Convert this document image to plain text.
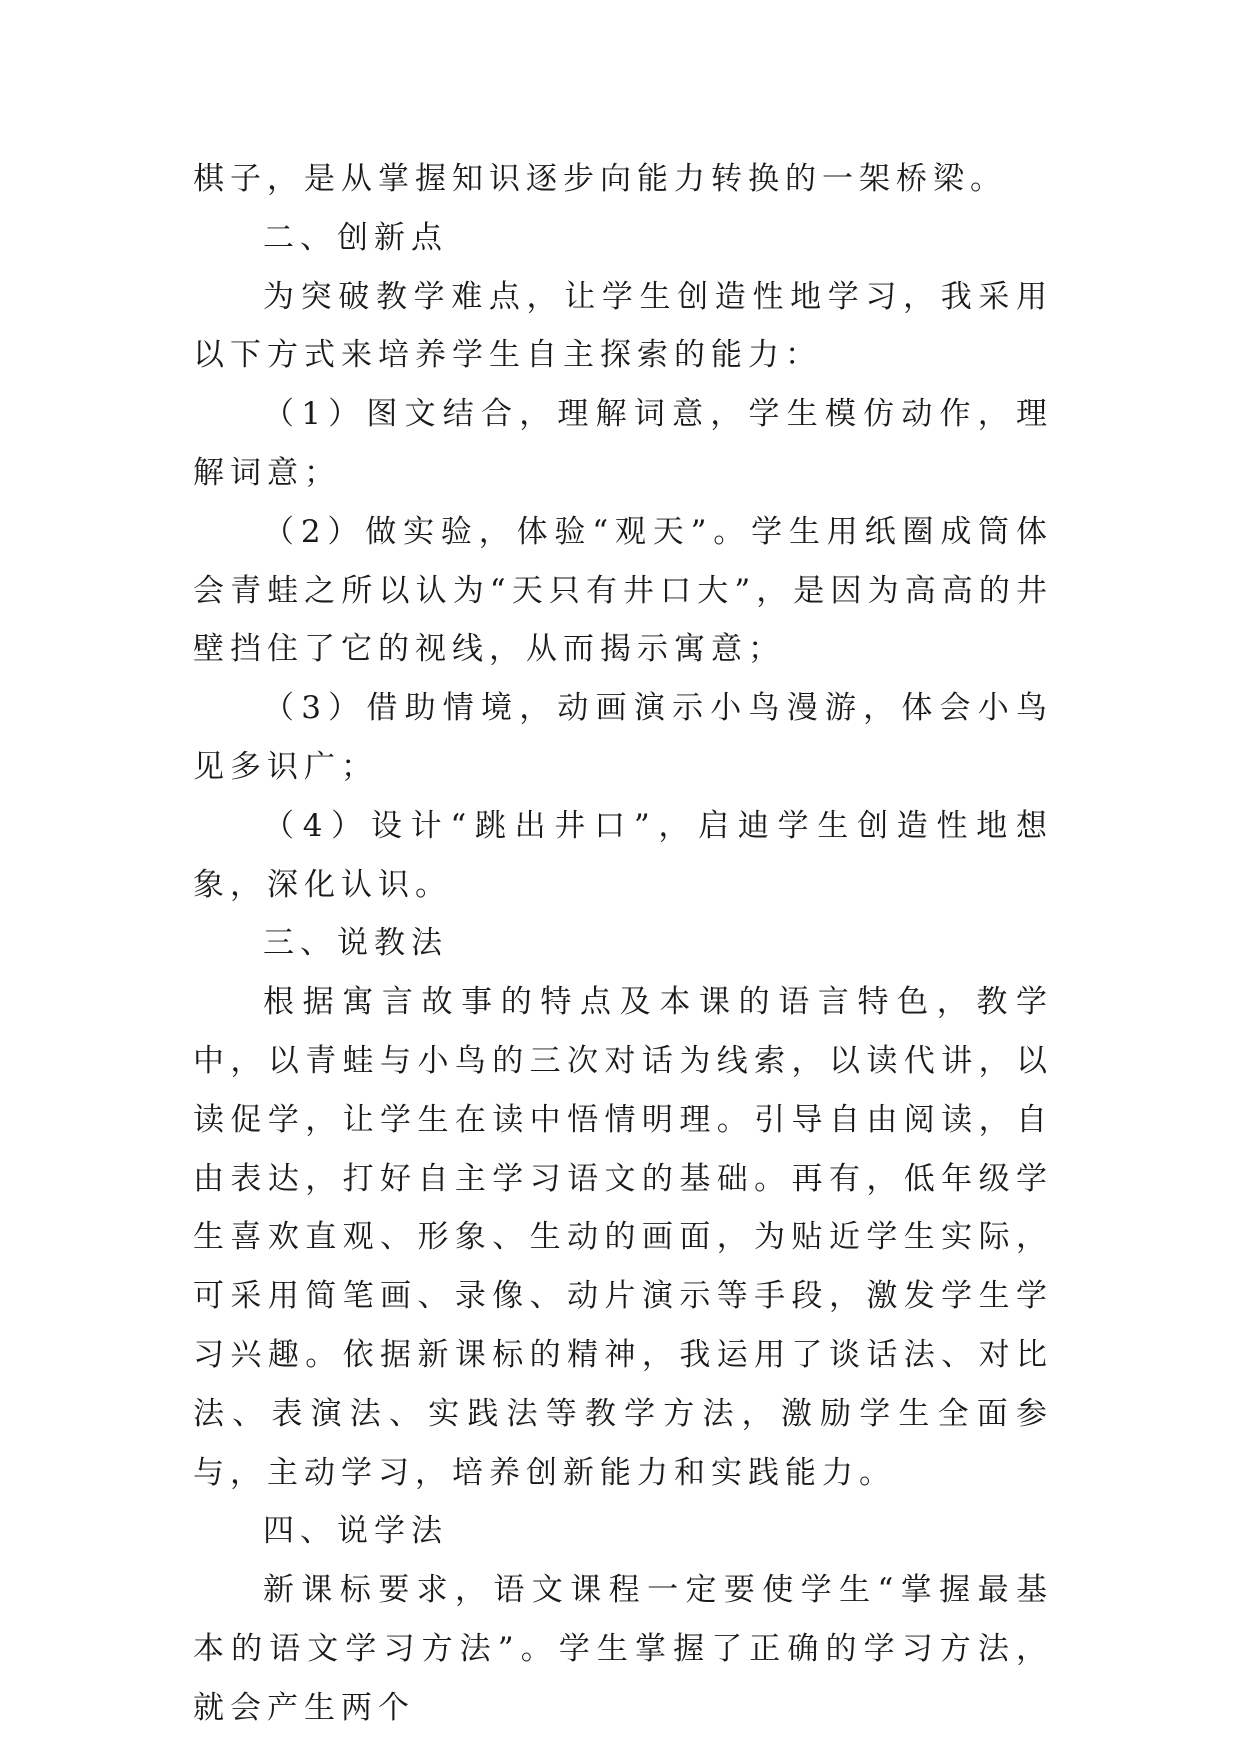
棋子，是从掌握知识逐步向能力转换的一架桥梁。

二、创新点

为突破教学难点，让学生创造性地学习，我采用以下方式来培养学生自主探索的能力：

（1）图文结合，理解词意，学生模仿动作，理解词意；

（2）做实验，体验“观天”。学生用纸圈成筒体会青蛙之所以认为“天只有井口大”，是因为高高的井壁挡住了它的视线，从而揭示寓意；

（3）借助情境，动画演示小鸟漫游，体会小鸟见多识广；

（4）设计“跳出井口”，启迪学生创造性地想象，深化认识。

三、说教法

根据寓言故事的特点及本课的语言特色，教学中，以青蛙与小鸟的三次对话为线索，以读代讲，以读促学，让学生在读中悟情明理。引导自由阅读，自由表达，打好自主学习语文的基础。再有，低年级学生喜欢直观、形象、生动的画面，为贴近学生实际，可采用简笔画、录像、动片演示等手段，激发学生学习兴趣。依据新课标的精神，我运用了谈话法、对比法、表演法、实践法等教学方法，激励学生全面参与，主动学习，培养创新能力和实践能力。

四、说学法

新课标要求，语文课程一定要使学生“掌握最基本的语文学习方法”。学生掌握了正确的学习方法，就会产生两个
